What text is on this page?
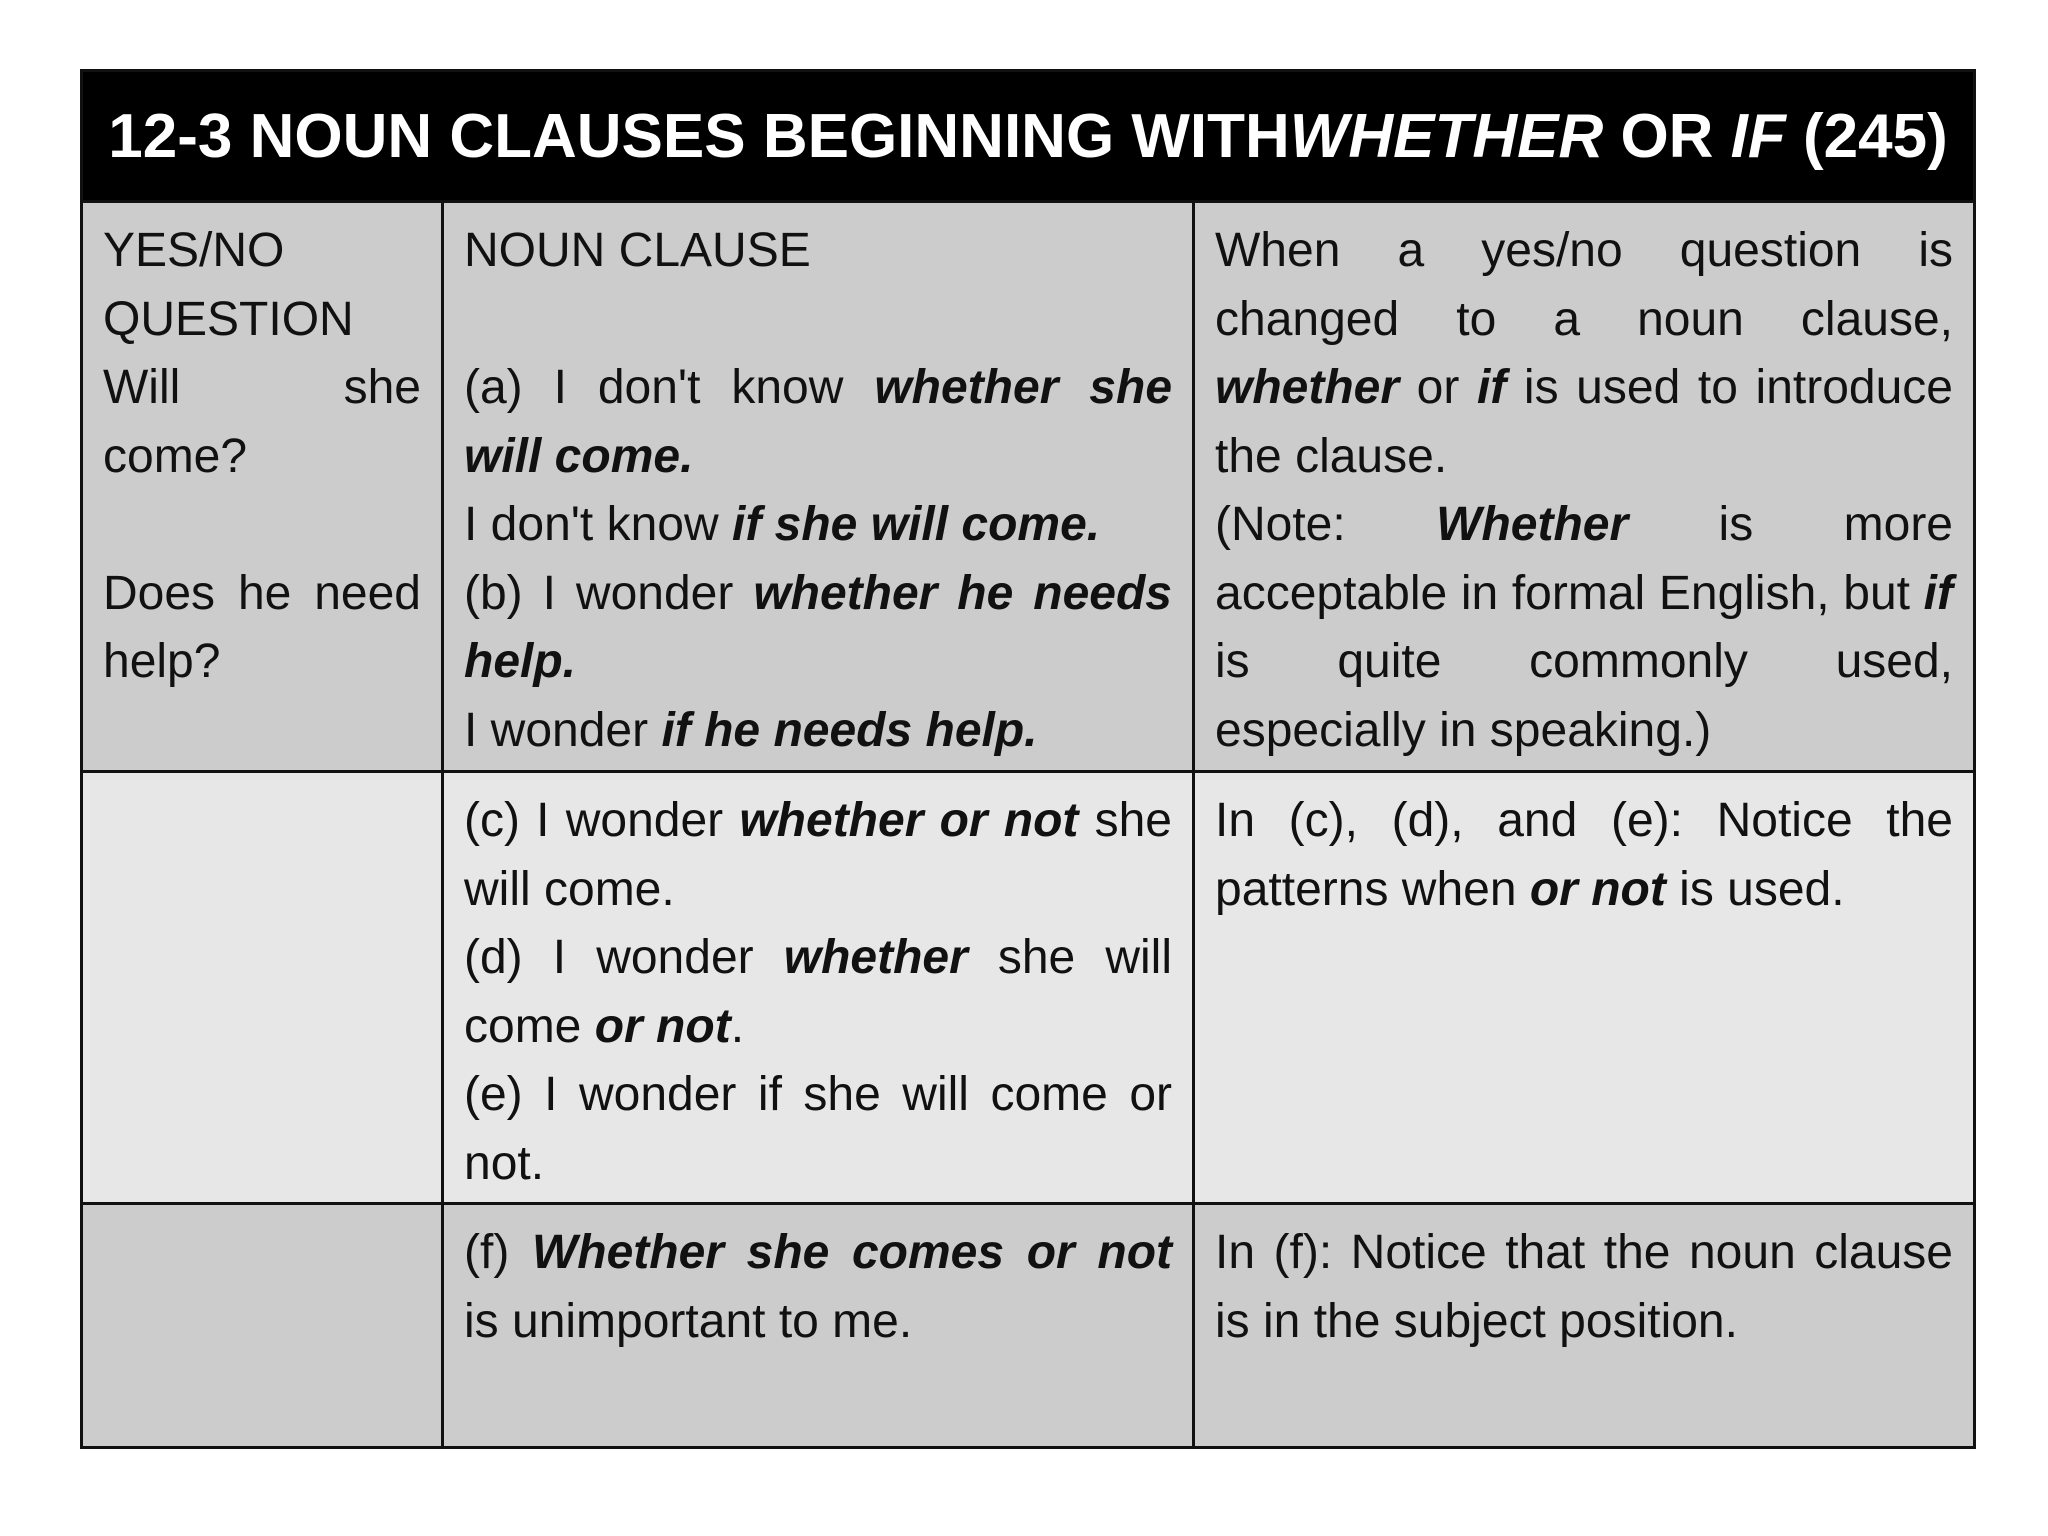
12-3 NOUN CLAUSES BEGINNING WITH WHETHER OR IF (245)
YES/NO QUESTION
Will she come?
Does he need help?
NOUN CLAUSE
(a) I don't know whether she will come.
I don't know if she will come.
(b) I wonder whether he needs help.
I wonder if he needs help.
When a yes/no question is changed to a noun clause, whether or if is used to introduce the clause.
(Note: Whether is more acceptable in formal English, but if is quite commonly used, especially in speaking.)
(c) I wonder whether or not she will come.
(d) I wonder whether she will come or not.
(e) I wonder if she will come or not.
In (c), (d), and (e): Notice the patterns when or not is used.
(f) Whether she comes or not is unimportant to me.
In (f): Notice that the noun clause is in the subject position.
